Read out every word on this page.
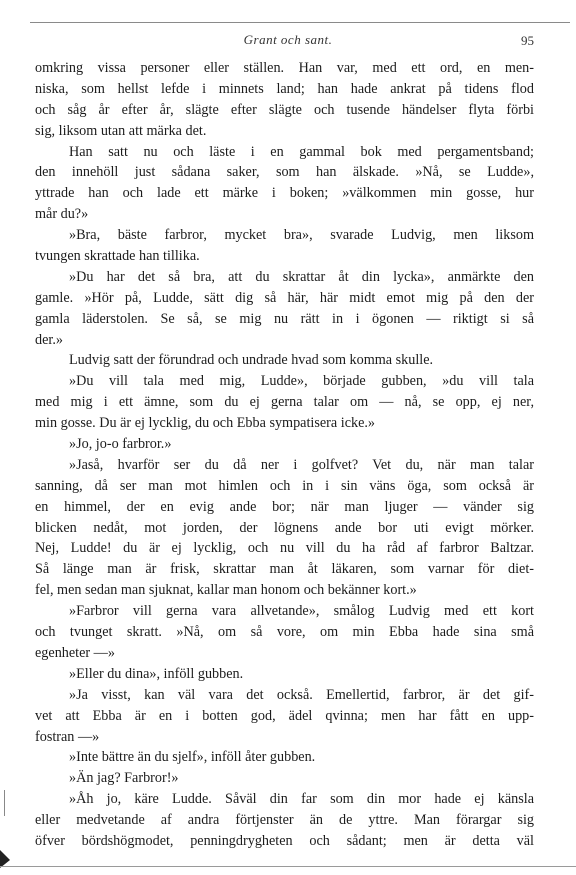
Grant och sant.	95
omkring vissa personer eller ställen. Han var, med ett ord, en men-
niska, som hellst lefde i minnets land; han hade ankrat på tidens flod
och såg år efter år, slägte efter slägte och tusende händelser flyta förbi
sig, liksom utan att märka det.
Han satt nu och läste i en gammal bok med pergamentsband;
den innehöll just sådana saker, som han älskade. »Nå, se Ludde»,
yttrade han och lade ett märke i boken; »välkommen min gosse, hur
mår du?»
»Bra, bäste farbror, mycket bra», svarade Ludvig, men liksom
tvungen skrattade han tillika.
»Du har det så bra, att du skrattar åt din lycka», anmärkte den
gamle. »Hör på, Ludde, sätt dig så här, här midt emot mig på den der
gamla läderstolen. Se så, se mig nu rätt in i ögonen — riktigt si så
der.»
Ludvig satt der förundrad och undrade hvad som komma skulle.
»Du vill tala med mig, Ludde», började gubben, »du vill tala
med mig i ett ämne, som du ej gerna talar om — nå, se opp, ej ner,
min gosse. Du är ej lycklig, du och Ebba sympatisera icke.»
»Jo, jo-o farbror.»
»Jaså, hvarför ser du då ner i golfvet? Vet du, när man talar
sanning, då ser man mot himlen och in i sin väns öga, som också är
en himmel, der en evig ande bor; när man ljuger — vänder sig
blicken nedåt, mot jorden, der lögnens ande bor uti evigt mörker.
Nej, Ludde! du är ej lycklig, och nu vill du ha råd af farbror Baltzar.
Så länge man är frisk, skrattar man åt läkaren, som varnar för diet-
fel, men sedan man sjuknat, kallar man honom och bekänner kort.»
»Farbror vill gerna vara allvetande», smålog Ludvig med ett kort
och tvunget skratt. »Nå, om så vore, om min Ebba hade sina små
egenheter —»
»Eller du dina», inföll gubben.
»Ja visst, kan väl vara det också. Emellertid, farbror, är det gif-
vet att Ebba är en i botten god, ädel qvinna; men har fått en upp-
fostran —»
»Inte bättre än du sjelf», inföll åter gubben.
»Än jag? Farbror!»
»Åh jo, käre Ludde. Såväl din far som din mor hade ej känsla
eller medvetande af andra förtjenster än de yttre. Man förargar sig
öfver bördshögmodet, penningdrygheten och sådant; men är detta väl
